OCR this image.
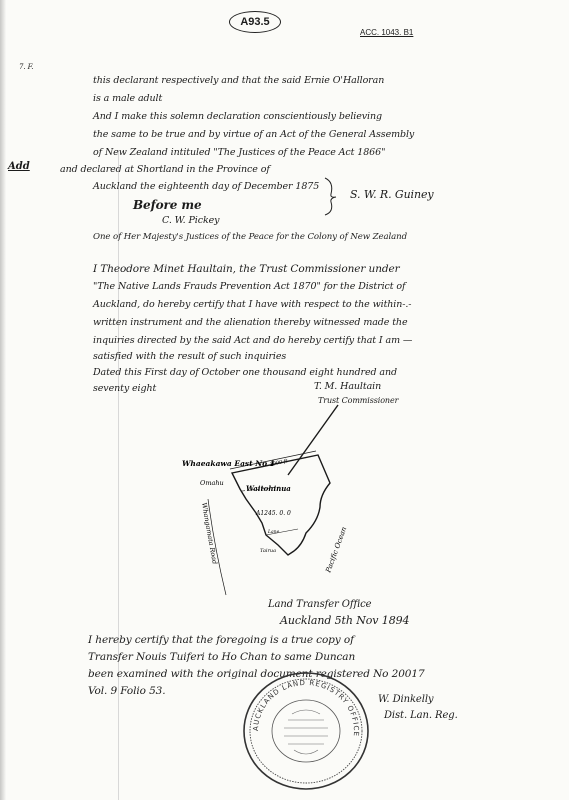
A93.5
ACC. 1043. B1
7. F.
Add
this declarant respectively and that the said Ernie O'Halloran
is a male adult
And I make this solemn declaration conscientiously believing
the same to be true and by virtue of an Act of the General Assembly
of New Zealand intituled "The Justices of the Peace Act 1866"
and declared at Shortland in the Province of
Auckland the eighteenth day of December 1875
S. W. R. Guiney
Before me
C. W. Pickey
One of Her Majesty's Justices of the Peace for the Colony of New Zealand
I Theodore Minet Haultain, the Trust Commissioner under
"The Native Lands Frauds Prevention Act 1870" for the District of
Auckland, do hereby certify that I have with respect to the within-.-
written instrument and the alienation thereby witnessed made the
inquiries directed by the said Act and do hereby certify that I am —
satisfied with the result of such inquiries
Dated this First day of October one thousand eight hundred and
seventy eight	T. M. Haultain
Trust Commissioner
Whaeakawa East No 1
1000 ft
Omahu
Waitohinua
A1245. 0. 0
Whangamata Road	Pacific Ocean
Lane
Tairua
Land Transfer Office
Auckland 5th Nov 1894
I hereby certify that the foregoing is a true copy of
Transfer Nouis Tuiferi to Ho Chan to same Duncan
been examined with the original document registered No 20017
Vol. 9 Folio 53.
W. Dinkelly
Dist. Lan. Reg.
AUCKLAND LAND REGISTRY OFFICE
